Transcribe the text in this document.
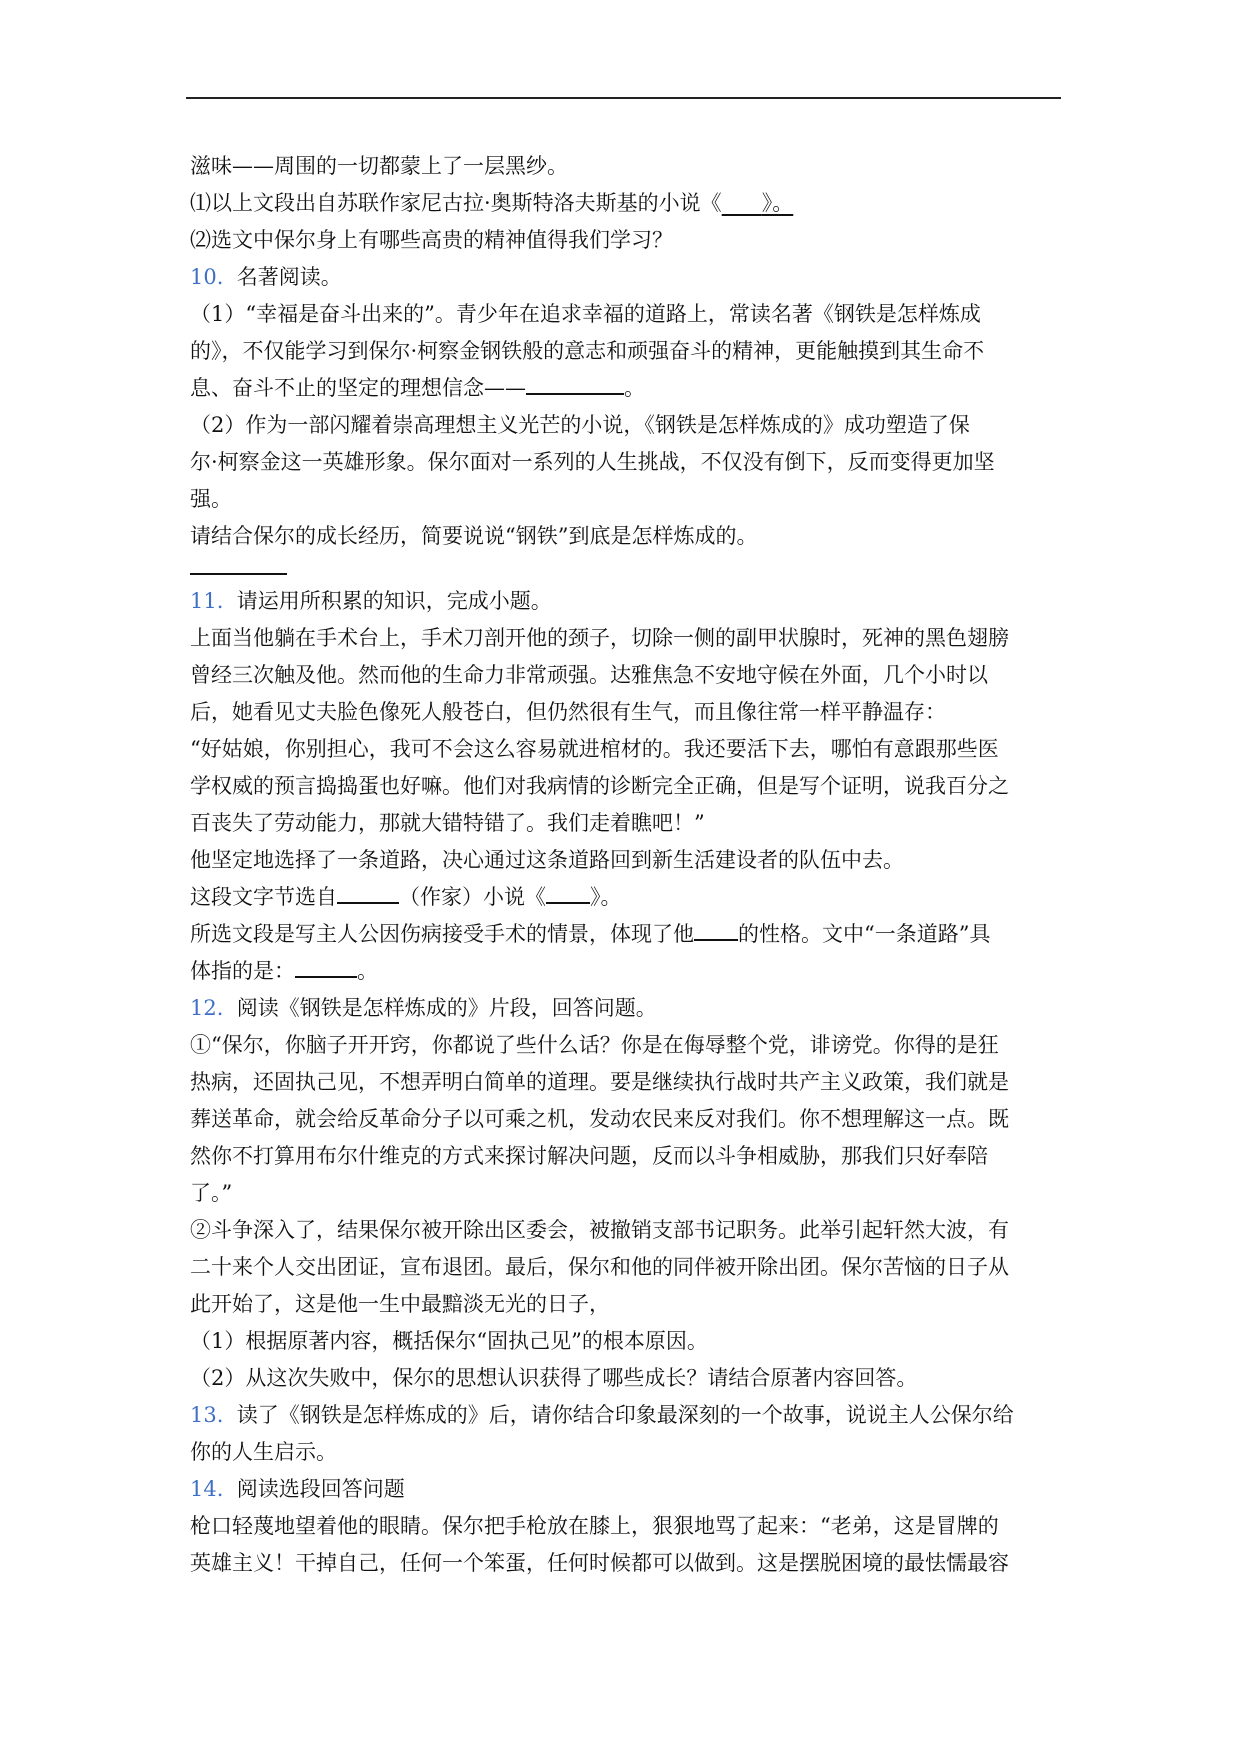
滋味——周围的一切都蒙上了一层黑纱。
⑴以上文段出自苏联作家尼古拉·奥斯特洛夫斯基的小说《 》。
⑵选文中保尔身上有哪些高贵的精神值得我们学习？
10. 名著阅读。
（1）“幸福是奋斗出来的”。青少年在追求幸福的道路上，常读名著《钢铁是怎样炼成
的》，不仅能学习到保尔·柯察金钢铁般的意志和顽强奋斗的精神，更能触摸到其生命不
息、奋斗不止的坚定的理想信念——	。
（2）作为一部闪耀着崇高理想主义光芒的小说，《钢铁是怎样炼成的》成功塑造了保
尔·柯察金这一英雄形象。保尔面对一系列的人生挑战，不仅没有倒下，反而变得更加坚
强。
请结合保尔的成长经历，简要说说“钢铁”到底是怎样炼成的。
11. 请运用所积累的知识，完成小题。
上面当他躺在手术台上，手术刀剖开他的颈子，切除一侧的副甲状腺时，死神的黑色翅膀
曾经三次触及他。然而他的生命力非常顽强。达雅焦急不安地守候在外面，几个小时以
后，她看见丈夫脸色像死人般苍白，但仍然很有生气，而且像往常一样平静温存：
“好姑娘，你别担心，我可不会这么容易就进棺材的。我还要活下去，哪怕有意跟那些医
学权威的预言捣捣蛋也好嘛。他们对我病情的诊断完全正确，但是写个证明，说我百分之
百丧失了劳动能力，那就大错特错了。我们走着瞧吧！”
他坚定地选择了一条道路，决心通过这条道路回到新生活建设者的队伍中去。
这段文字节选自	（作家）小说《 》。
所选文段是写主人公因伤病接受手术的情景，体现了他 的性格。文中“一条道路”具
体指的是：	。
12. 阅读《钢铁是怎样炼成的》片段，回答问题。
①“保尔，你脑子开开窍，你都说了些什么话？你是在侮辱整个党，诽谤党。你得的是狂
热病，还固执己见，不想弄明白简单的道理。要是继续执行战时共产主义政策，我们就是
葬送革命，就会给反革命分子以可乘之机，发动农民来反对我们。你不想理解这一点。既
然你不打算用布尔什维克的方式来探讨解决问题，反而以斗争相威胁，那我们只好奉陪
了。”
②斗争深入了，结果保尔被开除出区委会，被撤销支部书记职务。此举引起轩然大波，有
二十来个人交出团证，宣布退团。最后，保尔和他的同伴被开除出团。保尔苦恼的日子从
此开始了，这是他一生中最黯淡无光的日子，
（1）根据原著内容，概括保尔“固执己见”的根本原因。
（2）从这次失败中，保尔的思想认识获得了哪些成长？请结合原著内容回答。
13. 读了《钢铁是怎样炼成的》后，请你结合印象最深刻的一个故事，说说主人公保尔给
你的人生启示。
14. 阅读选段回答问题
枪口轻蔑地望着他的眼睛。保尔把手枪放在膝上，狠狠地骂了起来：“老弟，这是冒牌的
英雄主义！干掉自己，任何一个笨蛋，任何时候都可以做到。这是摆脱困境的最怯懦最容
